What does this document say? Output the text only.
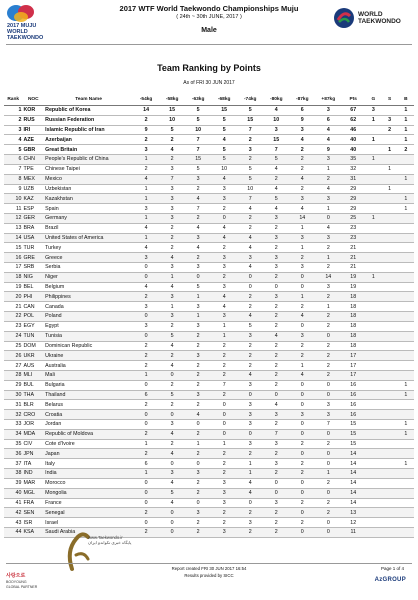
2017 MUJU
WORLD
TAEKWONDO
2017 WTF World Taekwondo Championships Muju
( 24th ~ 30th JUNE, 2017 )
Male
WORLD
TAEKWONDO
Team Ranking by Points
As of FRI 30 JUN 2017
Rank	NOC	Team Name	-54kg	-58kg	-63kg	-68kg	-74kg	-80kg	-87kg	+87kg	Pts	G	S	B
1	KOR	Republic of Korea	14	15	5	15	5	4	6	3	67	3		1
2	RUS	Russian Federation	2	10	5	5	15	10	9	6	62	1	3	1
3	IRI	Islamic Republic of Iran	9	5	10	5	7	3	3	4	46		2	1
4	AZE	Azerbaijan	2	2	7	4	2	15	4	4	40	1		1
5	GBR	Great Britain	3	4	7	5	3	7	2	9	40		1	2
6	CHN	People's Republic of China	1	2	15	5	2	5	2	3	35	1		
7	TPE	Chinese Taipei	2	3	5	10	5	4	2	1	32		1	
8	MEX	Mexico	4	7	3	4	5	2	4	2	31			1
9	UZB	Uzbekistan	1	3	2	3	10	4	2	4	29		1	
10	KAZ	Kazakhstan	1	3	4	3	7	5	3	3	29			1
11	ESP	Spain	3	3	7	2	4	4	4	1	29			1
12	GER	Germany	1	3	2	0	2	3	14	0	25	1		
13	BRA	Brazil	4	2	4	4	2	2	1	4	23			
14	USA	United States of America	1	2	3	4	4	3	3	3	23			
15	TUR	Turkey	4	2	4	2	4	2	1	2	21			
16	GRE	Greece	3	4	2	3	3	3	2	1	21			
17	SRB	Serbia	0	3	3	3	4	3	3	2	21			
18	NIG	Niger	0	1	0	2	0	2	0	14	19	1		
19	BEL	Belgium	4	4	5	3	0	0	0	3	19			
20	PHI	Philippines	2	3	1	4	2	3	1	2	18			
21	CAN	Canada	3	1	3	4	2	2	2	1	18			
22	POL	Poland	0	3	1	3	4	2	4	2	18			
23	EGY	Egypt	3	2	3	1	5	2	0	2	18			
24	TUN	Tunisia	0	5	2	1	3	4	3	0	18			
25	DOM	Dominican Republic	2	4	2	2	2	2	2	2	18			
26	UKR	Ukraine	2	2	3	2	2	2	2	2	17			
27	AUS	Australia	2	4	2	2	2	2	1	2	17			
28	MLI	Mali	1	0	2	2	4	2	4	2	17			
29	BUL	Bulgaria	0	2	2	7	3	2	0	0	16			1
30	THA	Thailand	6	5	3	2	0	0	0	0	16			1
31	BLR	Belarus	2	2	2	0	3	4	0	3	16			
32	CRO	Croatia	0	0	4	0	3	3	3	3	16			
33	JOR	Jordan	0	3	0	0	3	2	0	7	15			1
34	MDA	Republic of Moldova	2	4	2	0	0	7	0	0	15			1
35	CIV	Cote d'Ivoire	1	2	1	1	3	3	2	2	15			
36	JPN	Japan	2	4	2	2	2	2	0	0	14			
37	ITA	Italy	6	0	0	2	1	3	2	0	14			1
38	IND	India	1	3	3	2	1	2	2	1	14			
39	MAR	Morocco	0	4	2	3	4	0	0	2	14			
40	MGL	Mongolia	0	5	2	3	4	0	0	0	14			
41	FRA	France	0	4	0	3	0	3	2	2	14			
42	SEN	Senegal	2	0	3	2	2	2	0	2	13			
43	ISR	Israel	0	0	2	2	3	2	2	0	12			
44	KSA	Saudi Arabia	2	0	2	3	2	2	0	0	11			
www.Taekwondo.ir
پایگاه خبری تکواندو ایران
Report created FRI 30 JUN 2017 16:54
Results provided by SICC
Page 1 of 4
사랑으로
BOOYOUNG
GLOBAL PARTNER
AzGROUP
